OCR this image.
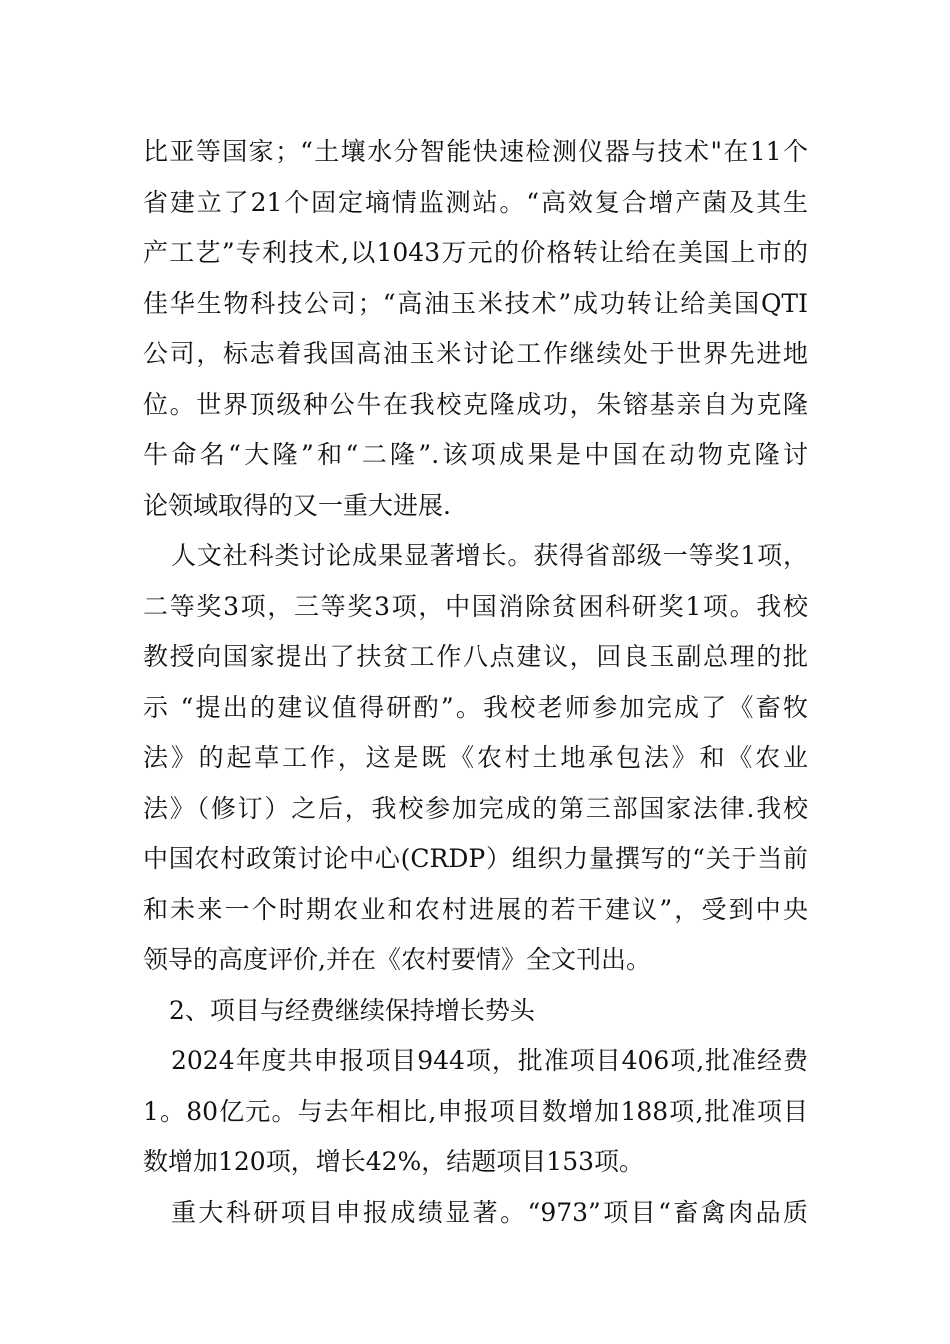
比亚等国家；“土壤水分智能快速检测仪器与技术"在11个
省建立了21个固定墒情监测站。“高效复合增产菌及其生
产工艺”专利技术,以1043万元的价格转让给在美国上市的
佳华生物科技公司；“高油玉米技术”成功转让给美国QTI
公司，标志着我国高油玉米讨论工作继续处于世界先进地
位。世界顶级种公牛在我校克隆成功，朱镕基亲自为克隆
牛命名“大隆”和“二隆”.该项成果是中国在动物克隆讨
论领域取得的又一重大进展.
人文社科类讨论成果显著增长。获得省部级一等奖1项，
二等奖3项，三等奖3项，中国消除贫困科研奖1项。我校
教授向国家提出了扶贫工作八点建议，回良玉副总理的批
示 “提出的建议值得研酌”。我校老师参加完成了《畜牧
法》的起草工作，这是既《农村土地承包法》和《农业
法》（修订）之后，我校参加完成的第三部国家法律.我校
中国农村政策讨论中心(CRDP）组织力量撰写的“关于当前
和未来一个时期农业和农村进展的若干建议”，受到中央
领导的高度评价,并在《农村要情》全文刊出。
2、项目与经费继续保持增长势头
2024年度共申报项目944项，批准项目406项,批准经费
1。80亿元。与去年相比,申报项目数增加188项,批准项目
数增加120项，增长42%，结题项目153项。
重大科研项目申报成绩显著。“973”项目“畜禽肉品质
